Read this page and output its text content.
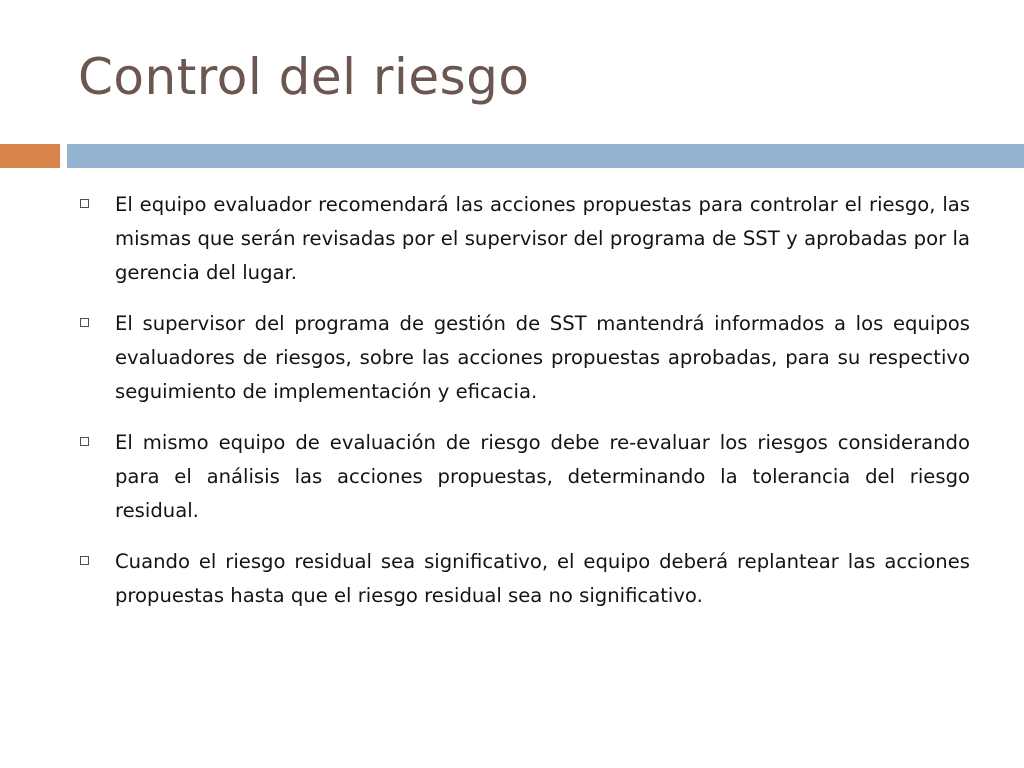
Control del riesgo
El equipo evaluador recomendará las acciones propuestas para controlar el riesgo, las mismas que serán revisadas por el supervisor del programa de SST y aprobadas por la gerencia del lugar.
El supervisor del programa de gestión de SST mantendrá informados a los equipos evaluadores de riesgos, sobre las acciones propuestas aprobadas, para su respectivo seguimiento de implementación y eficacia.
El mismo equipo de evaluación de riesgo debe re-evaluar los riesgos considerando para el análisis las acciones propuestas, determinando la tolerancia del riesgo residual.
Cuando el riesgo residual sea significativo, el equipo deberá replantear las acciones propuestas hasta que el riesgo residual sea no significativo.
